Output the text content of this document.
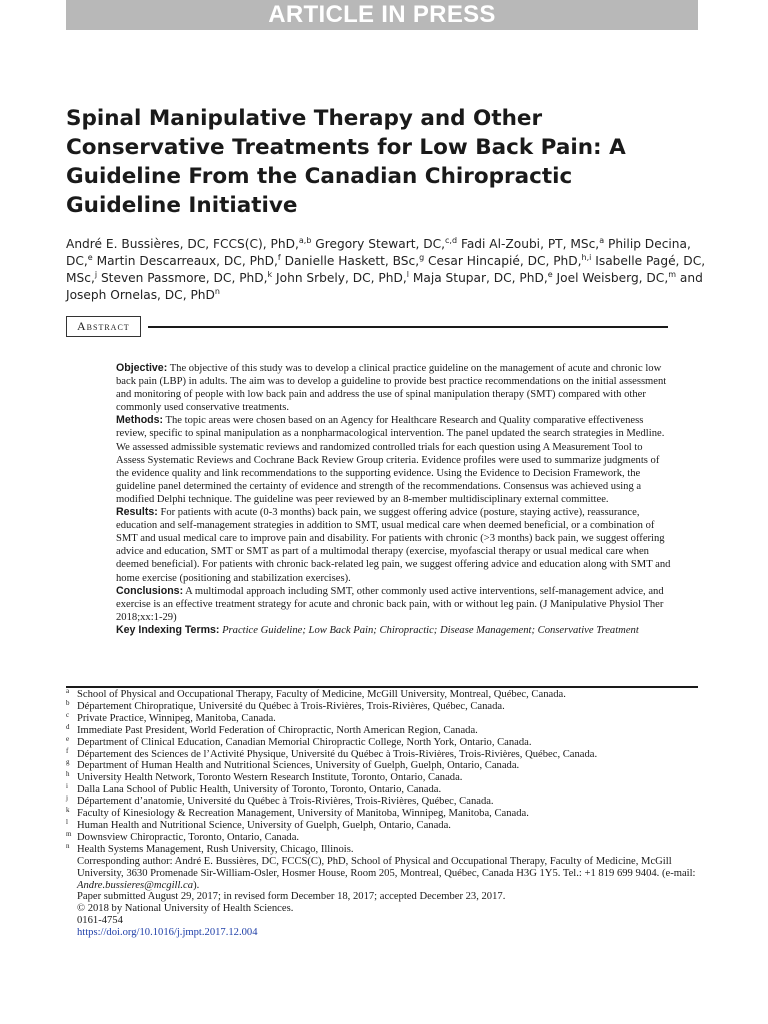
ARTICLE IN PRESS
Spinal Manipulative Therapy and Other Conservative Treatments for Low Back Pain: A Guideline From the Canadian Chiropractic Guideline Initiative
André E. Bussières, DC, FCCS(C), PhD,$^{a,b}$ Gregory Stewart, DC,$^{c,d}$ Fadi Al-Zoubi, PT, MSc,$^a$ Philip Decina, DC,$^e$ Martin Descarreaux, DC, PhD,$^f$ Danielle Haskett, BSc,$^g$ Cesar Hincapié, DC, PhD,$^{h,i}$ Isabelle Pagé, DC, MSc,$^j$ Steven Passmore, DC, PhD,$^k$ John Srbely, DC, PhD,$^l$ Maja Stupar, DC, PhD,$^e$ Joel Weisberg, DC,$^m$ and Joseph Ornelas, DC, PhD$^n$
Abstract

Objective: The objective of this study was to develop a clinical practice guideline on the management of acute and chronic low back pain (LBP) in adults. The aim was to develop a guideline to provide best practice recommendations on the initial assessment and monitoring of people with low back pain and address the use of spinal manipulation therapy (SMT) compared with other commonly used conservative treatments.

Methods: The topic areas were chosen based on an Agency for Healthcare Research and Quality comparative effectiveness review, specific to spinal manipulation as a nonpharmacological intervention. The panel updated the search strategies in Medline. We assessed admissible systematic reviews and randomized controlled trials for each question using A Measurement Tool to Assess Systematic Reviews and Cochrane Back Review Group criteria. Evidence profiles were used to summarize judgments of the evidence quality and link recommendations to the supporting evidence. Using the Evidence to Decision Framework, the guideline panel determined the certainty of evidence and strength of the recommendations. Consensus was achieved using a modified Delphi technique. The guideline was peer reviewed by an 8-member multidisciplinary external committee.

Results: For patients with acute (0-3 months) back pain, we suggest offering advice (posture, staying active), reassurance, education and self-management strategies in addition to SMT, usual medical care when deemed beneficial, or a combination of SMT and usual medical care to improve pain and disability. For patients with chronic (>3 months) back pain, we suggest offering advice and education, SMT or SMT as part of a multimodal therapy (exercise, myofascial therapy or usual medical care when deemed beneficial). For patients with chronic back-related leg pain, we suggest offering advice and education along with SMT and home exercise (positioning and stabilization exercises).

Conclusions: A multimodal approach including SMT, other commonly used active interventions, self-management advice, and exercise is an effective treatment strategy for acute and chronic back pain, with or without leg pain. (J Manipulative Physiol Ther 2018;xx:1-29)

Key Indexing Terms: Practice Guideline; Low Back Pain; Chiropractic; Disease Management; Conservative Treatment

a School of Physical and Occupational Therapy, Faculty of Medicine, McGill University, Montreal, Québec, Canada.
b Département Chiropratique, Université du Québec à Trois-Rivières, Trois-Rivières, Québec, Canada.
c Private Practice, Winnipeg, Manitoba, Canada.
d Immediate Past President, World Federation of Chiropractic, North American Region, Canada.
e Department of Clinical Education, Canadian Memorial Chiropractic College, North York, Ontario, Canada.
f Département des Sciences de l’Activité Physique, Université du Québec à Trois-Rivières, Trois-Rivières, Québec, Canada.
g Department of Human Health and Nutritional Sciences, University of Guelph, Guelph, Ontario, Canada.
h University Health Network, Toronto Western Research Institute, Toronto, Ontario, Canada.
i Dalla Lana School of Public Health, University of Toronto, Toronto, Ontario, Canada.
j Département d’anatomie, Université du Québec à Trois-Rivières, Trois-Rivières, Québec, Canada.
k Faculty of Kinesiology & Recreation Management, University of Manitoba, Winnipeg, Manitoba, Canada.
l Human Health and Nutritional Science, University of Guelph, Guelph, Ontario, Canada.
m Downsview Chiropractic, Toronto, Ontario, Canada.
n Health Systems Management, Rush University, Chicago, Illinois.
Corresponding author: André E. Bussières, DC, FCCS(C), PhD, School of Physical and Occupational Therapy, Faculty of Medicine, McGill University, 3630 Promenade Sir-William-Osler, Hosmer House, Room 205, Montreal, Québec, Canada H3G 1Y5. Tel.: +1 819 699 9404. (e-mail: Andre.bussieres@mcgill.ca).
Paper submitted August 29, 2017; in revised form December 18, 2017; accepted December 23, 2017.
© 2018 by National University of Health Sciences.
0161-4754
https://doi.org/10.1016/j.jmpt.2017.12.004
